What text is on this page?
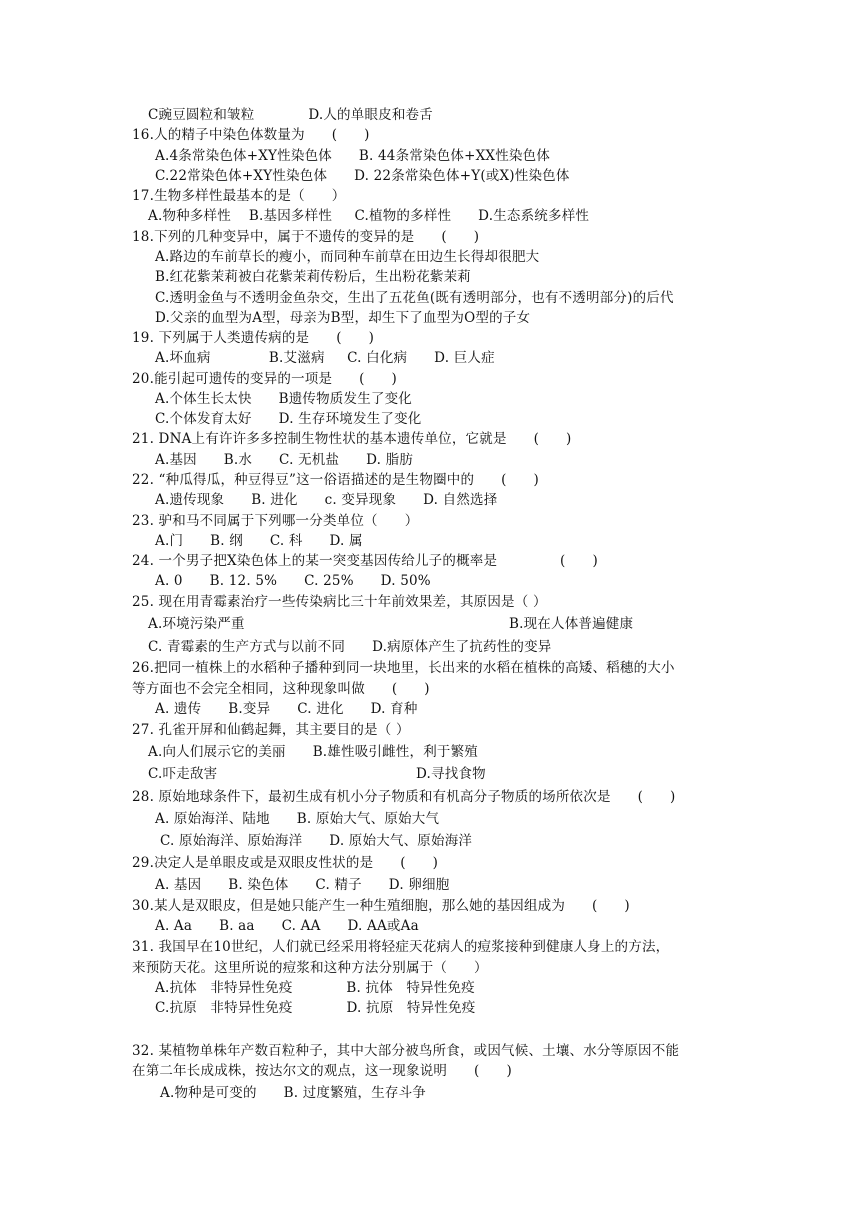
C豌豆圆粒和皱粒            D.人的单眼皮和卷舌
16.人的精子中染色体数量为      (      )
A.4条常染色体+XY性染色体      B. 44条常染色体+XX性染色体
C.22常染色体+XY性染色体      D. 22条常染色体+Y(或X)性染色体
17.生物多样性最基本的是（      ）
A.物种多样性    B.基因多样性     C.植物的多样性      D.生态系统多样性
18.下列的几种变异中，属于不遗传的变异的是      (      )
A.路边的车前草长的瘦小，而同种车前草在田边生长得却很肥大
B.红花紫茉莉被白花紫茉莉传粉后，生出粉花紫茉莉
C.透明金鱼与不透明金鱼杂交，生出了五花鱼(既有透明部分，也有不透明部分)的后代
D.父亲的血型为A型，母亲为B型，却生下了血型为O型的子女
19. 下列属于人类遗传病的是      (      )
A.坏血病             B.艾滋病     C. 白化病      D. 巨人症
20.能引起可遗传的变异的一项是      (      )
A.个体生长太快      B遗传物质发生了变化
C.个体发育太好      D. 生存环境发生了变化
21. DNA上有许许多多控制生物性状的基本遗传单位，它就是      (      )
A.基因      B.水      C. 无机盐      D. 脂肪
22. “种瓜得瓜，种豆得豆”这一俗语描述的是生物圈中的      (      )
A.遗传现象      B. 进化      c. 变异现象      D. 自然选择
23. 驴和马不同属于下列哪一分类单位（      ）
A.门      B. 纲      C. 科      D. 属
24. 一个男子把X染色体上的某一突变基因传给儿子的概率是              (      )
A. 0      B. 12. 5%      C. 25%      D. 50%
25. 现在用青霉素治疗一些传染病比三十年前效果差，其原因是（ ）
A.环境污染严重	B.现在人体普遍健康
C. 青霉素的生产方式与以前不同      D.病原体产生了抗药性的变异
26.把同一植株上的水稻种子播种到同一块地里，长出来的水稻在植株的高矮、稻穗的大小
等方面也不会完全相同，这种现象叫做      (      )
A. 遗传      B.变异      C. 进化      D. 育种
27. 孔雀开屏和仙鹤起舞，其主要目的是（ ）
A.向人们展示它的美丽      B.雄性吸引雌性，利于繁殖
C.吓走敌害	D.寻找食物
28. 原始地球条件下，最初生成有机小分子物质和有机高分子物质的场所依次是      (      )
A. 原始海洋、陆地      B. 原始大气、原始大气
C. 原始海洋、原始海洋      D. 原始大气、原始海洋
29.决定人是单眼皮或是双眼皮性状的是      (      )
A. 基因      B. 染色体      C. 精子      D. 卵细胞
30.某人是双眼皮，但是她只能产生一种生殖细胞，那么她的基因组成为      (      )
A. Aa      B. aa      C. AA      D. AA或Aa
31. 我国早在10世纪，人们就已经采用将轻症天花病人的痘浆接种到健康人身上的方法，
来预防天花。这里所说的痘浆和这种方法分别属于（      ）
A.抗体   非特异性免疫            B. 抗体   特异性免疫
C.抗原   非特异性免疫            D. 抗原   特异性免疫
32. 某植物单株年产数百粒种子，其中大部分被鸟所食，或因气候、土壤、水分等原因不能
在第二年长成成株，按达尔文的观点，这一现象说明      (      )
A.物种是可变的      B. 过度繁殖，生存斗争
